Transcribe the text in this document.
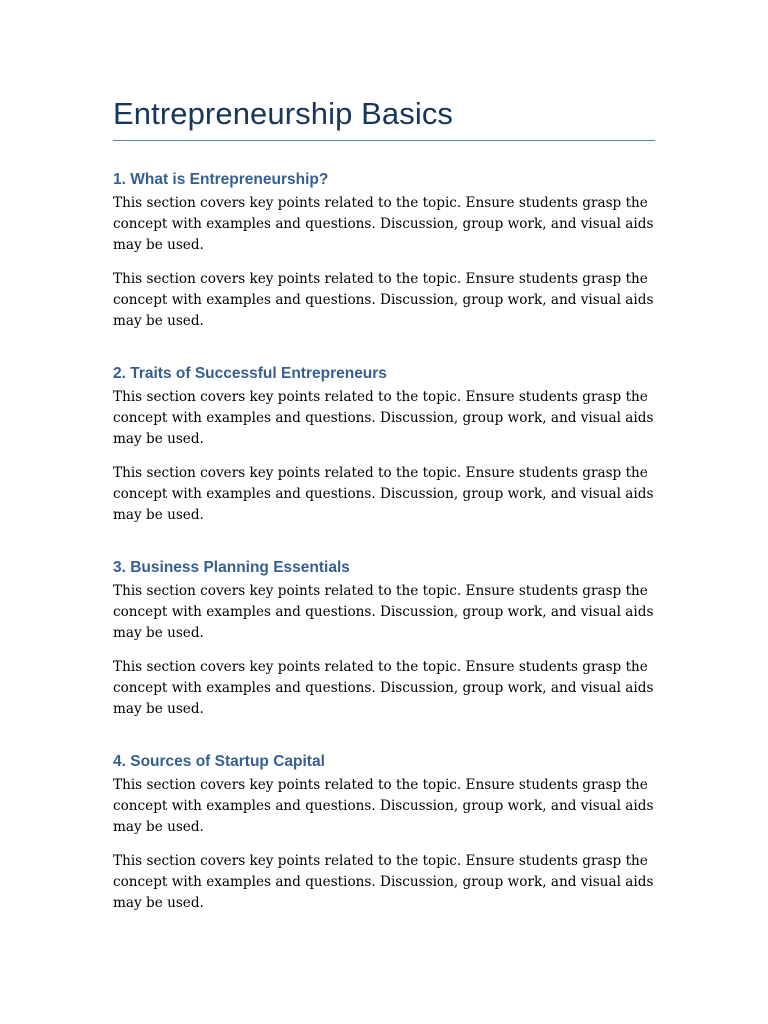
Entrepreneurship Basics
1. What is Entrepreneurship?

This section covers key points related to the topic. Ensure students grasp the concept with examples and questions. Discussion, group work, and visual aids may be used.

This section covers key points related to the topic. Ensure students grasp the concept with examples and questions. Discussion, group work, and visual aids may be used.

2. Traits of Successful Entrepreneurs

This section covers key points related to the topic. Ensure students grasp the concept with examples and questions. Discussion, group work, and visual aids may be used.

This section covers key points related to the topic. Ensure students grasp the concept with examples and questions. Discussion, group work, and visual aids may be used.

3. Business Planning Essentials

This section covers key points related to the topic. Ensure students grasp the concept with examples and questions. Discussion, group work, and visual aids may be used.

This section covers key points related to the topic. Ensure students grasp the concept with examples and questions. Discussion, group work, and visual aids may be used.

4. Sources of Startup Capital

This section covers key points related to the topic. Ensure students grasp the concept with examples and questions. Discussion, group work, and visual aids may be used.

This section covers key points related to the topic. Ensure students grasp the concept with examples and questions. Discussion, group work, and visual aids may be used.
